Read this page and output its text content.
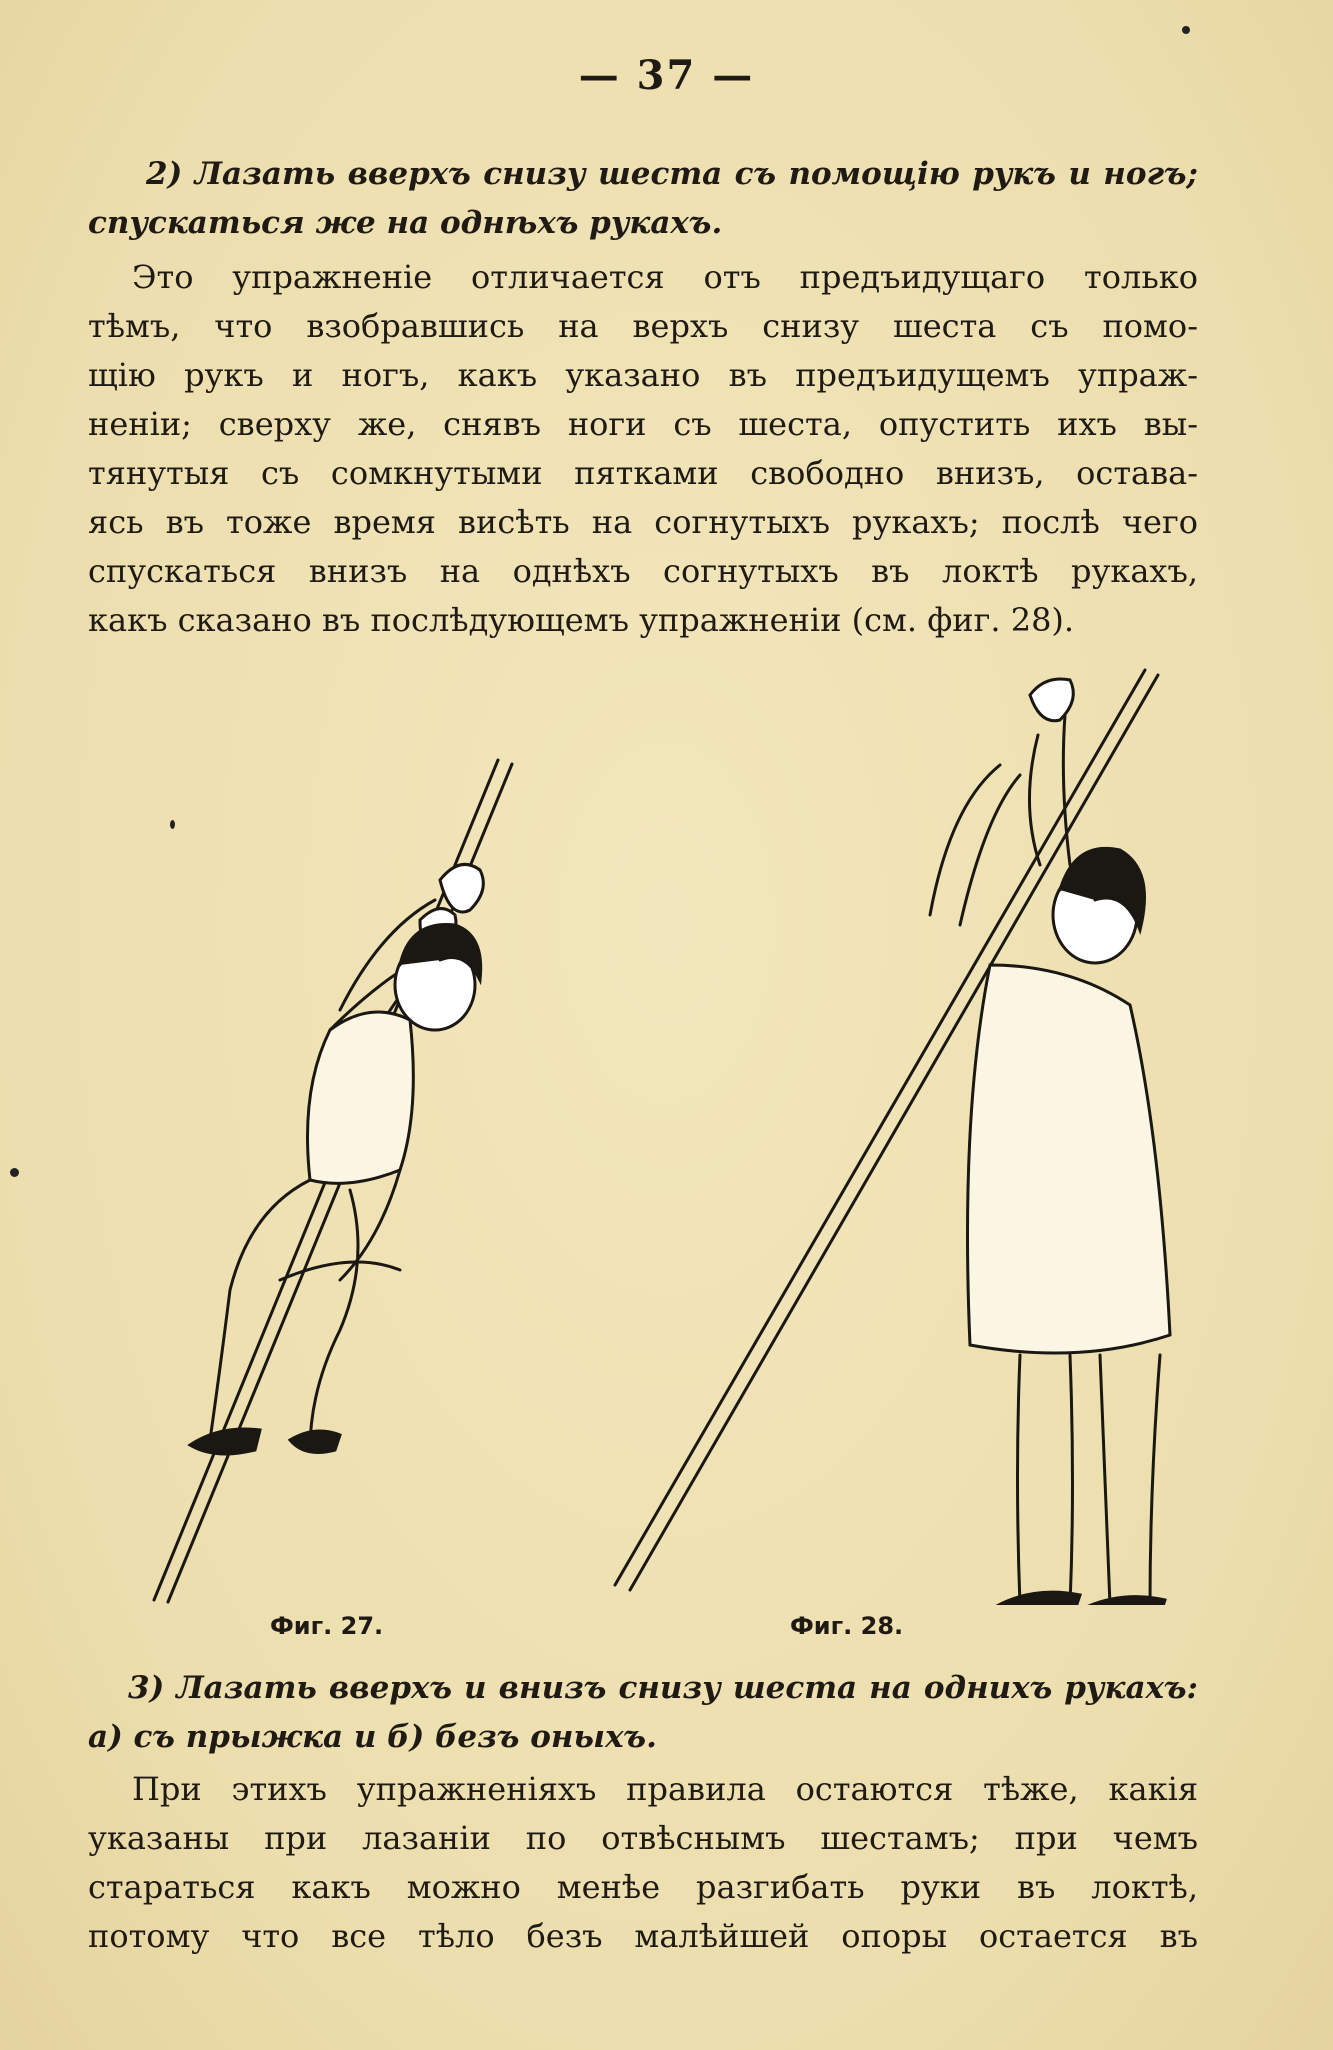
— 37 —
2) Лазать вверхъ снизу шеста съ помощію рукъ и ногъ;
спускаться же на однѣхъ рукахъ.
Это упражненіе отличается отъ предъидущаго только
тѣмъ, что взобравшись на верхъ снизу шеста съ помо-
щію рукъ и ногъ, какъ указано въ предъидущемъ упраж-
неніи; сверху же, снявъ ноги съ шеста, опустить ихъ вы-
тянутыя съ сомкнутыми пятками свободно внизъ, остава-
ясь въ тоже время висѣть на согнутыхъ рукахъ; послѣ чего
спускаться внизъ на однѣхъ согнутыхъ въ локтѣ рукахъ,
какъ сказано въ послѣдующемъ упражненіи (см. фиг. 28).
Фиг. 27.	Фиг. 28.
3) Лазать вверхъ и внизъ снизу шеста на однихъ рукахъ:
а) съ прыжка и б) безъ оныхъ.
При этихъ упражненіяхъ правила остаются тѣже, какія
указаны при лазаніи по отвѣснымъ шестамъ; при чемъ
стараться какъ можно менѣе разгибать руки въ локтѣ,
потому что все тѣло безъ малѣйшей опоры остается въ
